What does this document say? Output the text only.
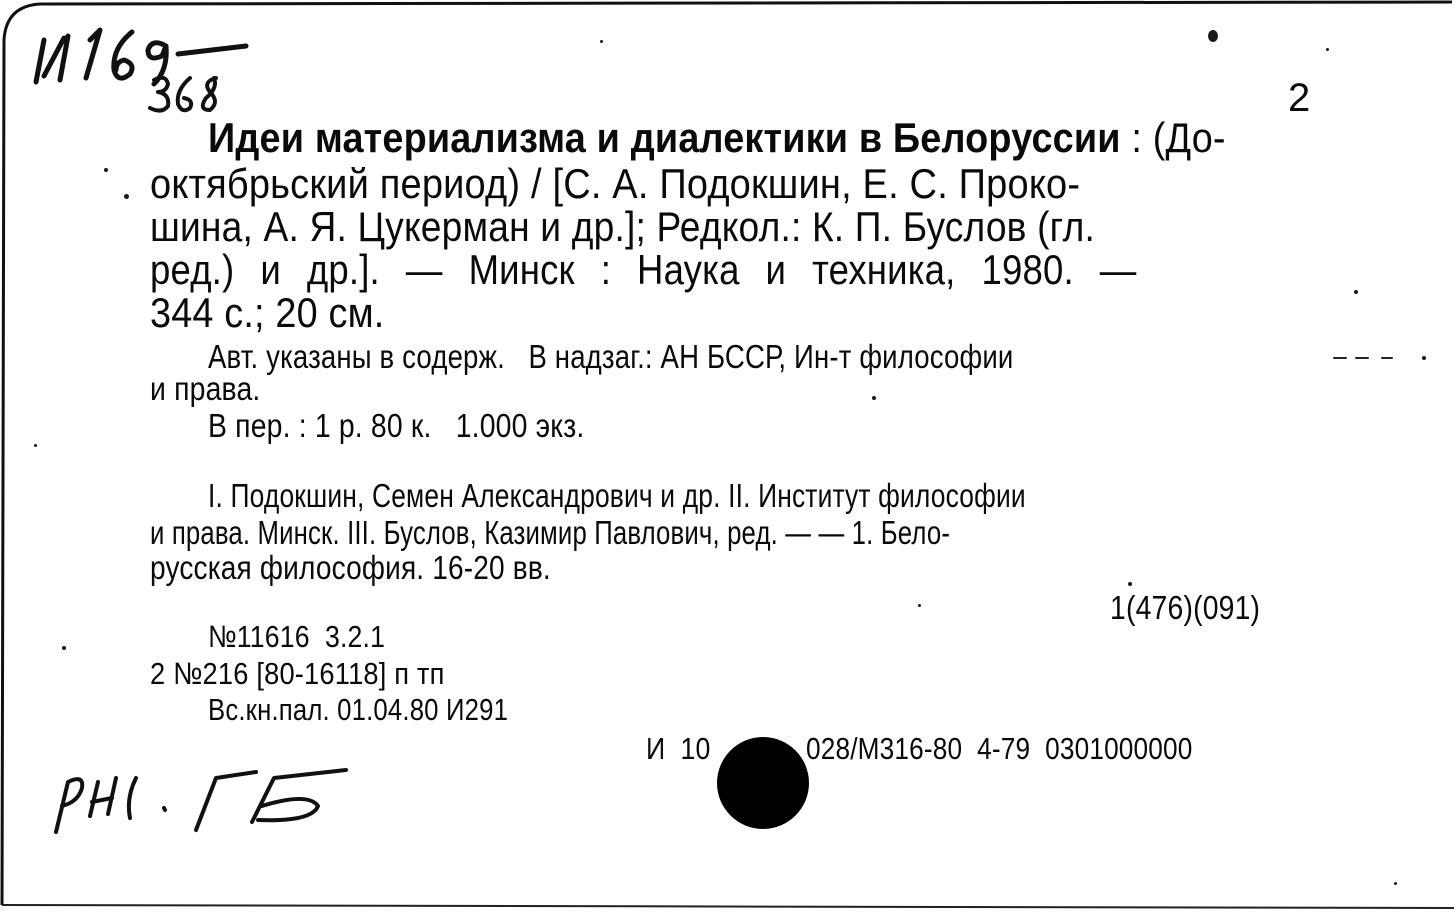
2
Идеи материализма и диалектики в Белоруссии : (До-
октябрьский период) / [С. А. Подокшин, Е. С. Проко-
шина, А. Я. Цукерман и др.]; Редкол.: К. П. Буслов (гл.
ред.) и др.]. — Минск : Наука и техника, 1980. —
344 с.; 20 см.
Авт. указаны в содерж.   В надзаг.: АН БССР, Ин-т философии
и права.
В пер. : 1 р. 80 к.   1.000 экз.
I. Подокшин, Семен Александрович и др. II. Институт философии
и права. Минск. III. Буслов, Казимир Павлович, ред. — — 1. Бело-
русская философия. 16-20 вв.
1(476)(091)
№11616  3.2.1
2 №216 [80-16118] п тп
Вс.кн.пал. 01.04.80 И291
И  10	028/М316-80  4-79  0301000000
